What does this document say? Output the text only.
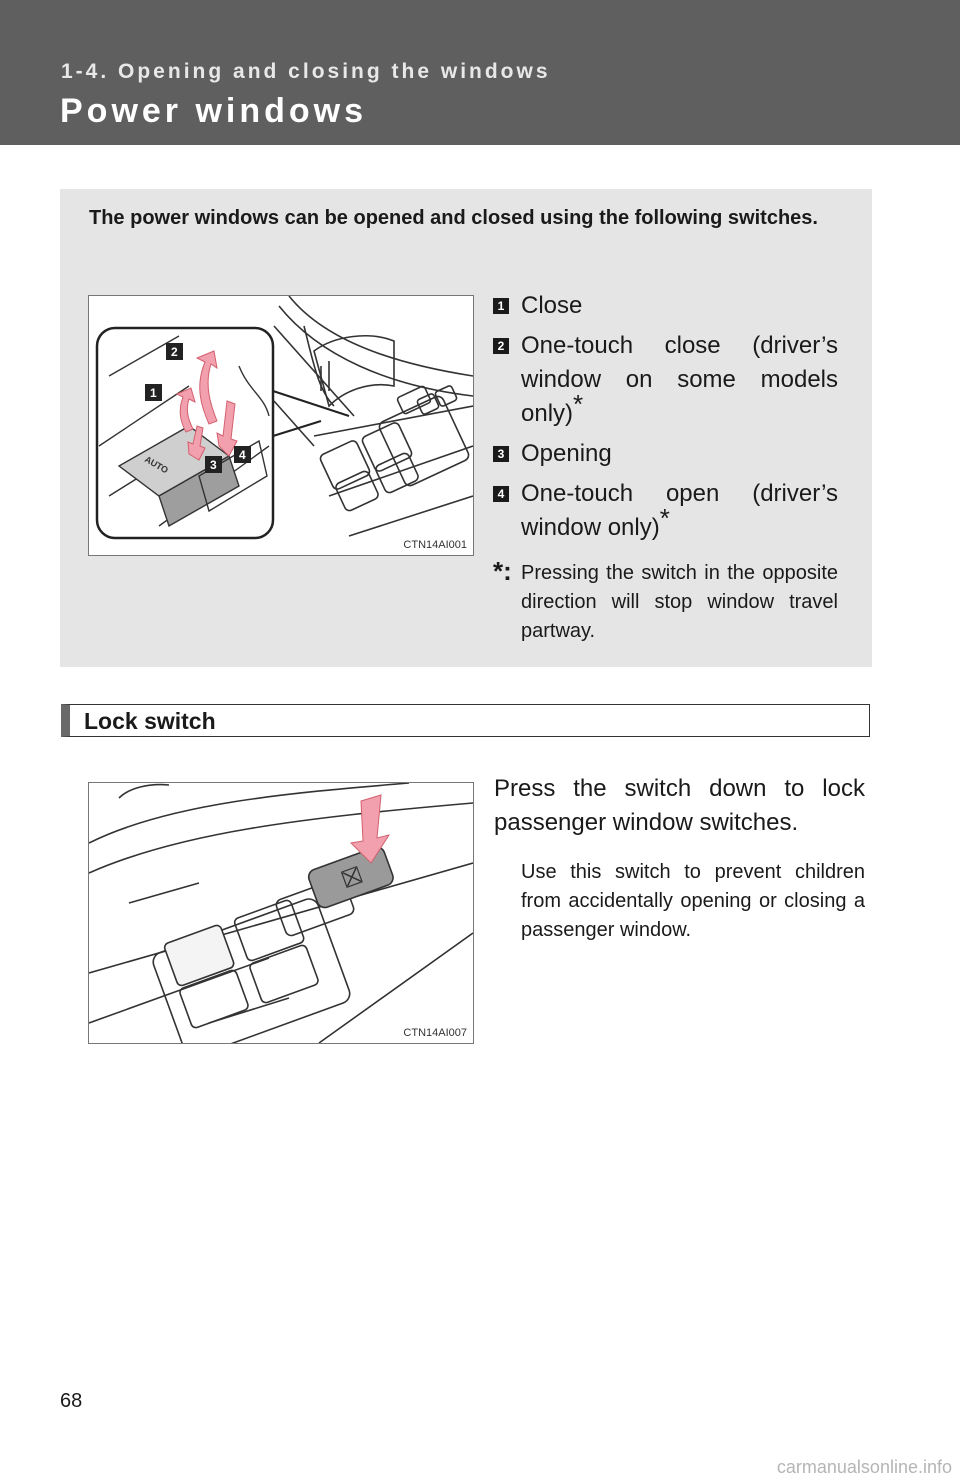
1-4. Opening and closing the windows
Power windows
The power windows can be opened and closed using the following switches.
AUTO
2
1
3
4
CTN14AI001
1 Close
2 One-touch close (driver’s window on some models only)*
3 Opening
4 One-touch open (driver’s window only)*
*: Pressing the switch in the opposite direction will stop window travel partway.
Lock switch
CTN14AI007
Press the switch down to lock passenger window switches.
Use this switch to prevent children from accidentally opening or closing a passenger window.
68
carmanualsonline.info
